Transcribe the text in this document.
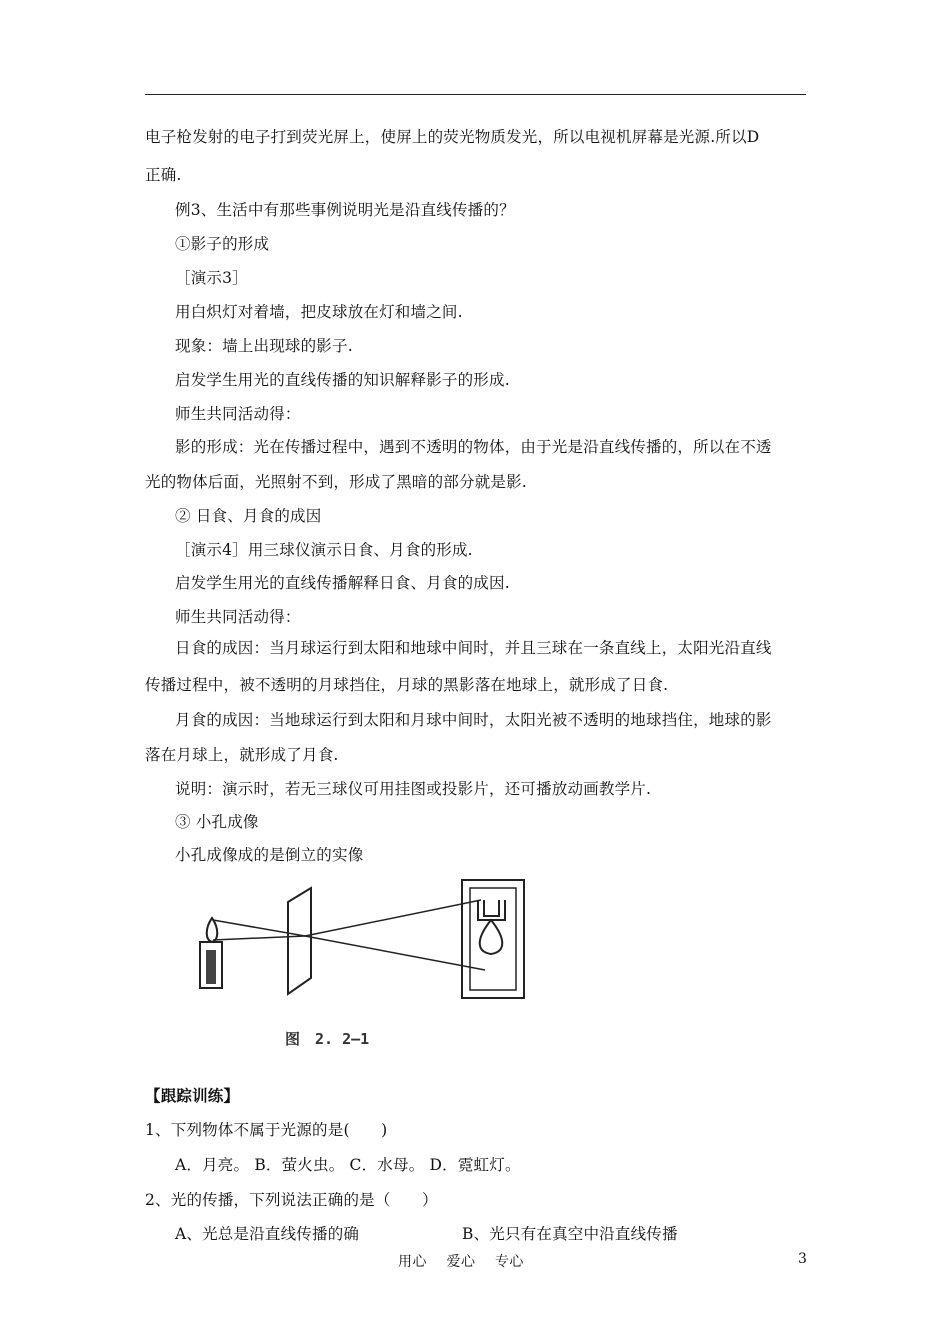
电子枪发射的电子打到荧光屏上，使屏上的荧光物质发光，所以电视机屏幕是光源.所以D
正确.
例3、生活中有那些事例说明光是沿直线传播的？
①影子的形成
［演示3］
用白炽灯对着墙，把皮球放在灯和墙之间.
现象：墙上出现球的影子.
启发学生用光的直线传播的知识解释影子的形成.
师生共同活动得：
影的形成：光在传播过程中，遇到不透明的物体，由于光是沿直线传播的，所以在不透
光的物体后面，光照射不到，形成了黑暗的部分就是影.
② 日食、月食的成因
［演示4］用三球仪演示日食、月食的形成.
启发学生用光的直线传播解释日食、月食的成因.
师生共同活动得：
日食的成因：当月球运行到太阳和地球中间时，并且三球在一条直线上，太阳光沿直线
传播过程中，被不透明的月球挡住，月球的黑影落在地球上，就形成了日食.
月食的成因：当地球运行到太阳和月球中间时，太阳光被不透明的地球挡住，地球的影
落在月球上，就形成了月食.
说明：演示时，若无三球仪可用挂图或投影片，还可播放动画教学片.
③ 小孔成像
小孔成像成的是倒立的实像
图　2. 2—1
【跟踪训练】
1、下列物体不属于光源的是(　　)
A．月亮。 B．萤火虫。 C．水母。 D．霓虹灯。
2、光的传播，下列说法正确的是（　　）
A、光总是沿直线传播的确	B、光只有在真空中沿直线传播
用心　 爱心　 专心	3
